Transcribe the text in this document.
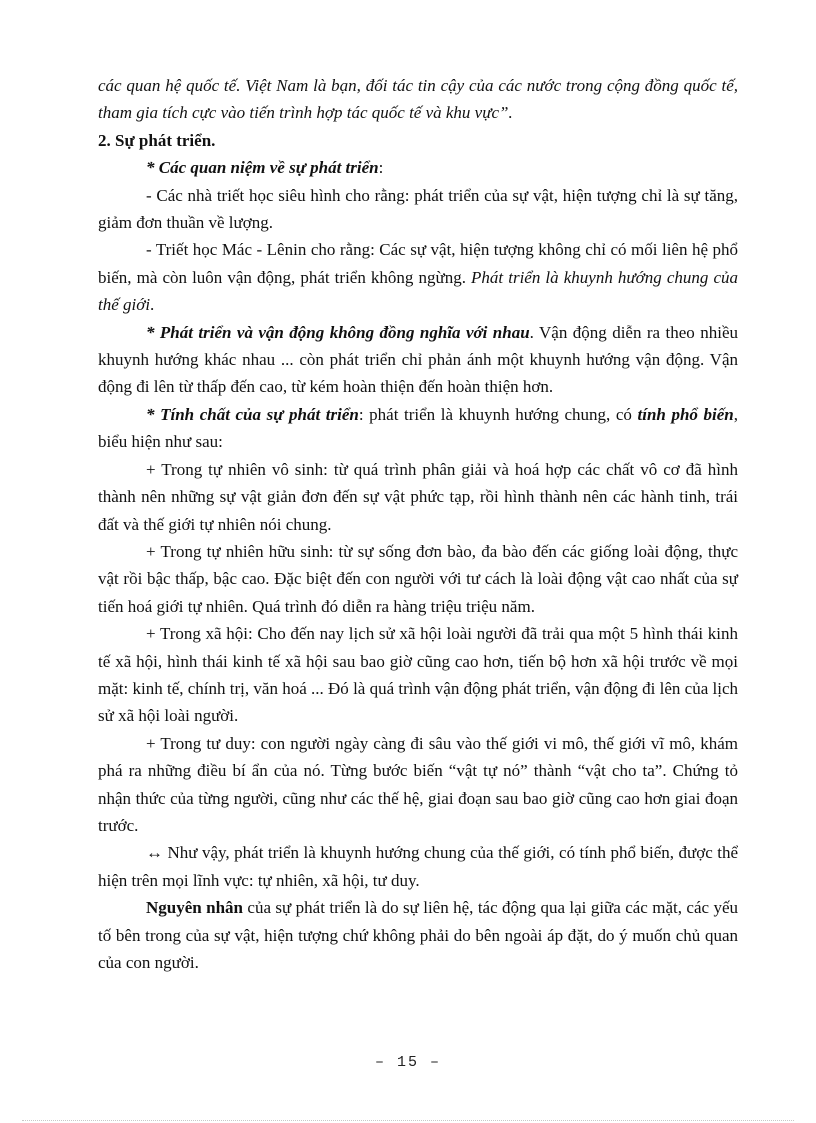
các quan hệ quốc tế. Việt Nam là bạn, đối tác tin cậy của các nước trong cộng đồng quốc tế, tham gia tích cực vào tiến trình hợp tác quốc tế và khu vực”.

2. Sự phát triển.

* Các quan niệm về sự phát triển:

- Các nhà triết học siêu hình cho rằng: phát triển của sự vật, hiện tượng chỉ là sự tăng, giảm đơn thuần về lượng.

- Triết học Mác - Lênin cho rằng: Các sự vật, hiện tượng không chỉ có mối liên hệ phổ biến, mà còn luôn vận động, phát triển không ngừng. Phát triển là khuynh hướng chung của thế giới.

* Phát triển và vận động không đồng nghĩa với nhau. Vận động diễn ra theo nhiều khuynh hướng khác nhau ... còn phát triển chỉ phản ánh một khuynh hướng vận động. Vận động đi lên từ thấp đến cao, từ kém hoàn thiện đến hoàn thiện hơn.

* Tính chất của sự phát triển: phát triển là khuynh hướng chung, có tính phổ biến, biểu hiện như sau:

+ Trong tự nhiên vô sinh: từ quá trình phân giải và hoá hợp các chất vô cơ đã hình thành nên những sự vật giản đơn đến sự vật phức tạp, rồi hình thành nên các hành tinh, trái đất và thế giới tự nhiên nói chung.

+ Trong tự nhiên hữu sinh: từ sự sống đơn bào, đa bào đến các giống loài động, thực vật rồi bậc thấp, bậc cao. Đặc biệt đến con người với tư cách là loài động vật cao nhất của sự tiến hoá giới tự nhiên. Quá trình đó diễn ra hàng triệu triệu năm.

+ Trong xã hội: Cho đến nay lịch sử xã hội loài người đã trải qua một 5 hình thái kinh tế xã hội, hình thái kinh tế xã hội sau bao giờ cũng cao hơn, tiến bộ hơn xã hội trước về mọi mặt: kinh tế, chính trị, văn hoá ... Đó là quá trình vận động phát triển, vận động đi lên của lịch sử xã hội loài người.

+ Trong tư duy: con người ngày càng đi sâu vào thế giới vi mô, thế giới vĩ mô, khám phá ra những điều bí ẩn của nó. Từng bước biến “vật tự nó” thành “vật cho ta”. Chứng tỏ nhận thức của từng người, cũng như các thế hệ, giai đoạn sau bao giờ cũng cao hơn giai đoạn trước.

↔ Như vậy, phát triển là khuynh hướng chung của thế giới, có tính phổ biến, được thể hiện trên mọi lĩnh vực: tự nhiên, xã hội, tư duy.

Nguyên nhân của sự phát triển là do sự liên hệ, tác động qua lại giữa các mặt, các yếu tố bên trong của sự vật, hiện tượng chứ không phải do bên ngoài áp đặt, do ý muốn chủ quan của con người.

– 15 –
